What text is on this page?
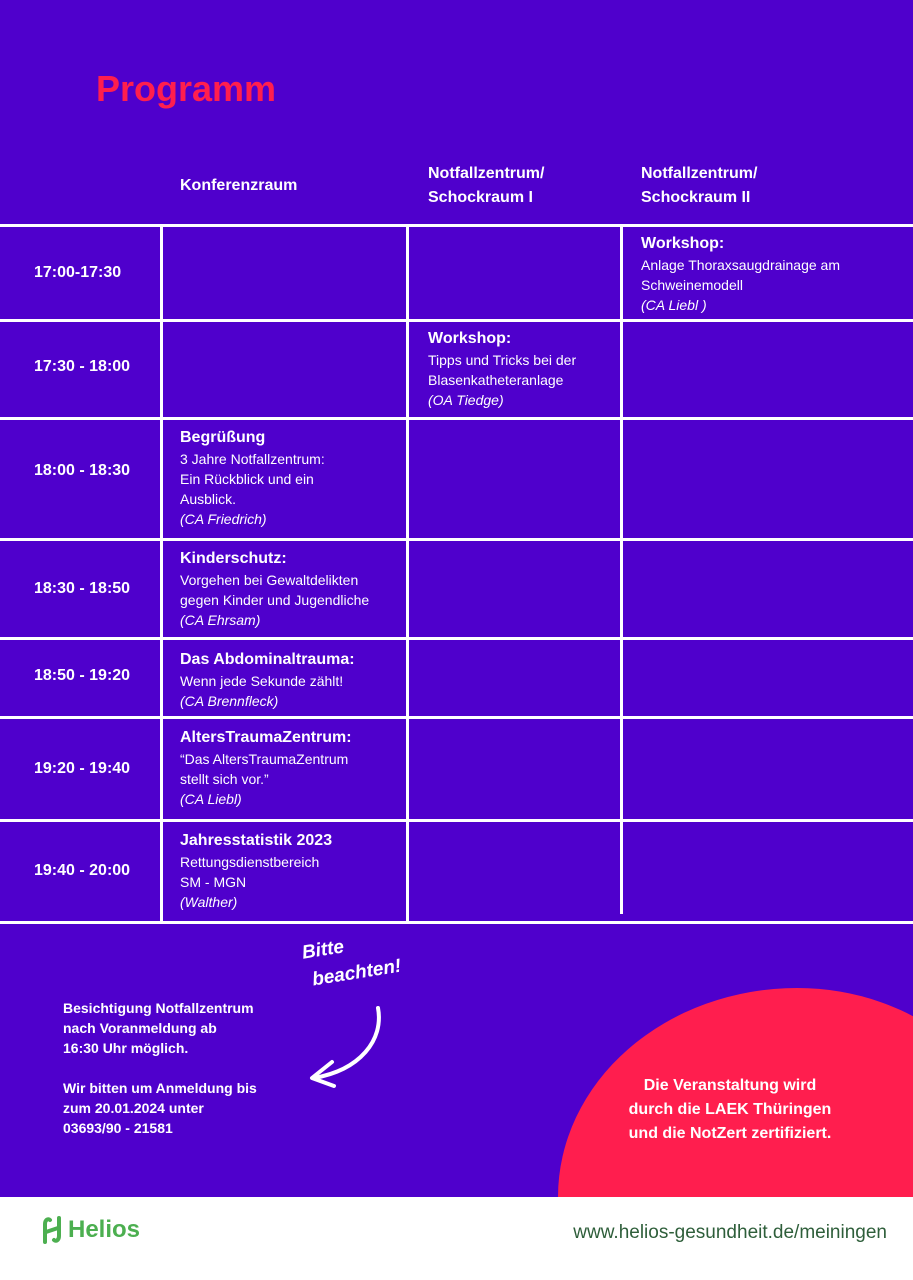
Programm
Konferenzraum
Notfallzentrum/
Schockraum I
Notfallzentrum/
Schockraum II
17:00-17:30
17:30 - 18:00
18:00 - 18:30
18:30 - 18:50
18:50 - 19:20
19:20 - 19:40
19:40 - 20:00
Workshop:
Anlage Thoraxsaugdrainage am
Schweinemodell
(CA Liebl )
Workshop:
Tipps und Tricks bei der
Blasenkatheteranlage
(OA Tiedge)
Begrüßung
3 Jahre Notfallzentrum:
Ein Rückblick und ein
Ausblick.
(CA Friedrich)
Kinderschutz:
Vorgehen bei Gewaltdelikten
gegen Kinder und Jugendliche
(CA Ehrsam)
Das Abdominaltrauma:
Wenn jede Sekunde zählt!
(CA Brennfleck)
AltersTraumaZentrum:
“Das AltersTraumaZentrum
stellt sich vor.”
(CA Liebl)
Jahresstatistik 2023
Rettungsdienstbereich
SM - MGN
(Walther)
Bitte
beachten!
Besichtigung Notfallzentrum
nach Voranmeldung ab
16:30 Uhr möglich.
Wir bitten um Anmeldung bis
zum 20.01.2024 unter
03693/90 - 21581
Die Veranstaltung wird
durch die LAEK Thüringen
und die NotZert zertifiziert.
Helios	www.helios-gesundheit.de/meiningen
